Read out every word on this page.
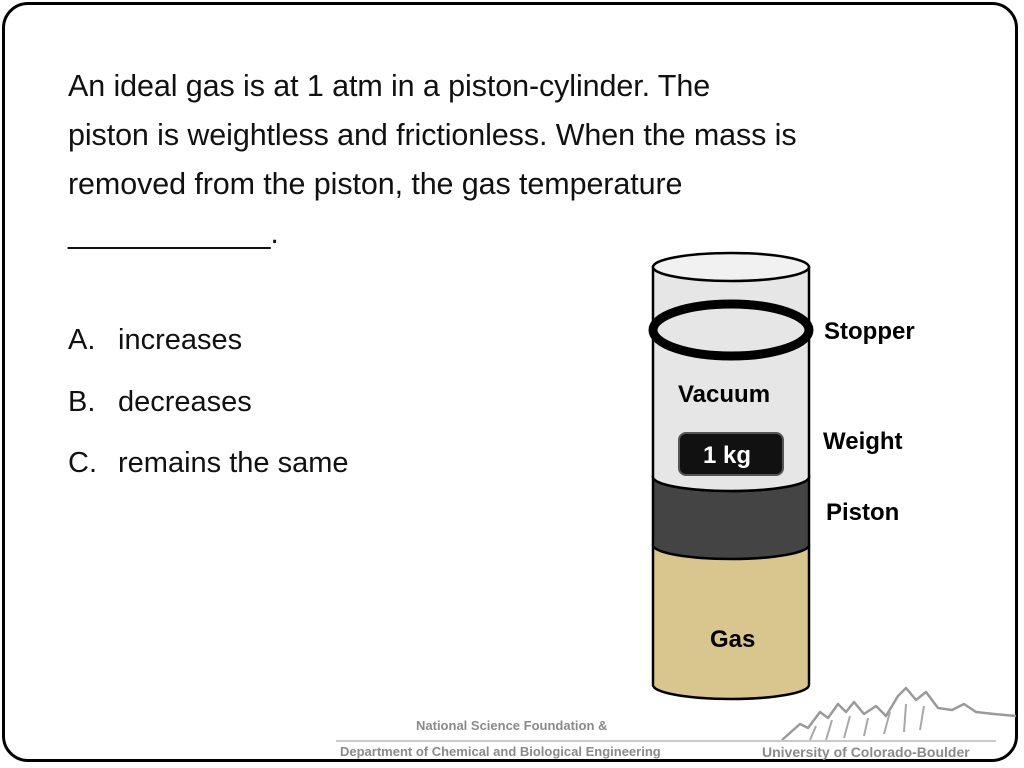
An ideal gas is at 1 atm in a piston-cylinder. The

piston is weightless and frictionless. When the mass is

removed from the piston, the gas temperature

____________.

A. increases
B. decreases
C. remains the same
Vacuum
1 kg
Gas
Stopper
Weight
Piston
National Science Foundation &
Department of Chemical and Biological Engineering	University of Colorado-Boulder
